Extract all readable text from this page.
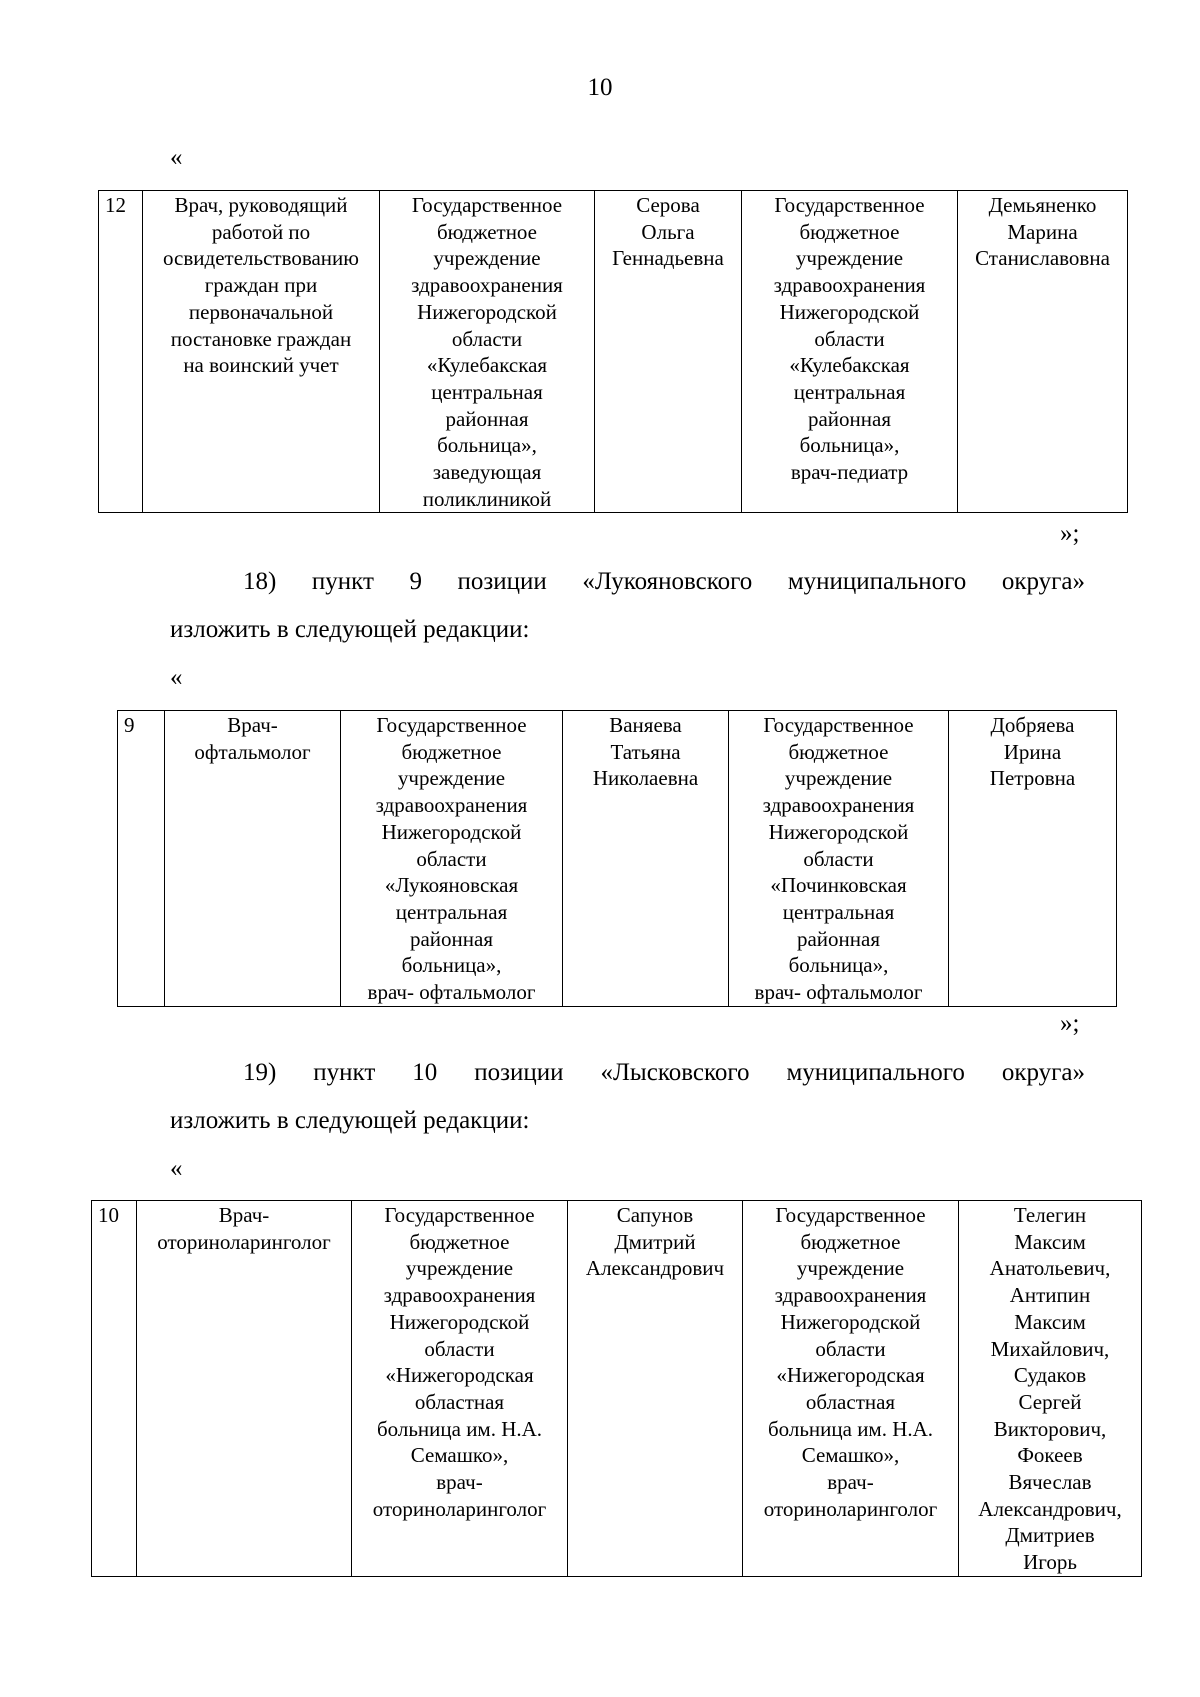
10
«
12	Врач, руководящий
работой по
освидетельствованию
граждан при
первоначальной
постановке граждан
на воинский учет	Государственное
бюджетное
учреждение
здравоохранения
Нижегородской
области
«Кулебакская
центральная
районная
больница»,
заведующая
поликлиникой	Серова
Ольга
Геннадьевна	Государственное
бюджетное
учреждение
здравоохранения
Нижегородской
области
«Кулебакская
центральная
районная
больница»,
врач-педиатр	Демьяненко
Марина
Станиславовна
»;
18) пункт 9 позиции «Лукояновского муниципального округа»
изложить в следующей редакции:
«
9	Врач-
офтальмолог	Государственное
бюджетное
учреждение
здравоохранения
Нижегородской
области
«Лукояновская
центральная
районная
больница»,
врач- офтальмолог	Ваняева
Татьяна
Николаевна	Государственное
бюджетное
учреждение
здравоохранения
Нижегородской
области
«Починковская
центральная
районная
больница»,
врач- офтальмолог	Добряева
Ирина
Петровна
»;
19) пункт 10 позиции «Лысковского муниципального округа»
изложить в следующей редакции:
«
10	Врач-
оториноларинголог	Государственное
бюджетное
учреждение
здравоохранения
Нижегородской
области
«Нижегородская
областная
больница им. Н.А.
Семашко»,
врач-
оториноларинголог	Сапунов
Дмитрий
Александрович	Государственное
бюджетное
учреждение
здравоохранения
Нижегородской
области
«Нижегородская
областная
больница им. Н.А.
Семашко»,
врач-
оториноларинголог	Телегин
Максим
Анатольевич,
Антипин
Максим
Михайлович,
Судаков
Сергей
Викторович,
Фокеев
Вячеслав
Александрович,
Дмитриев
Игорь
